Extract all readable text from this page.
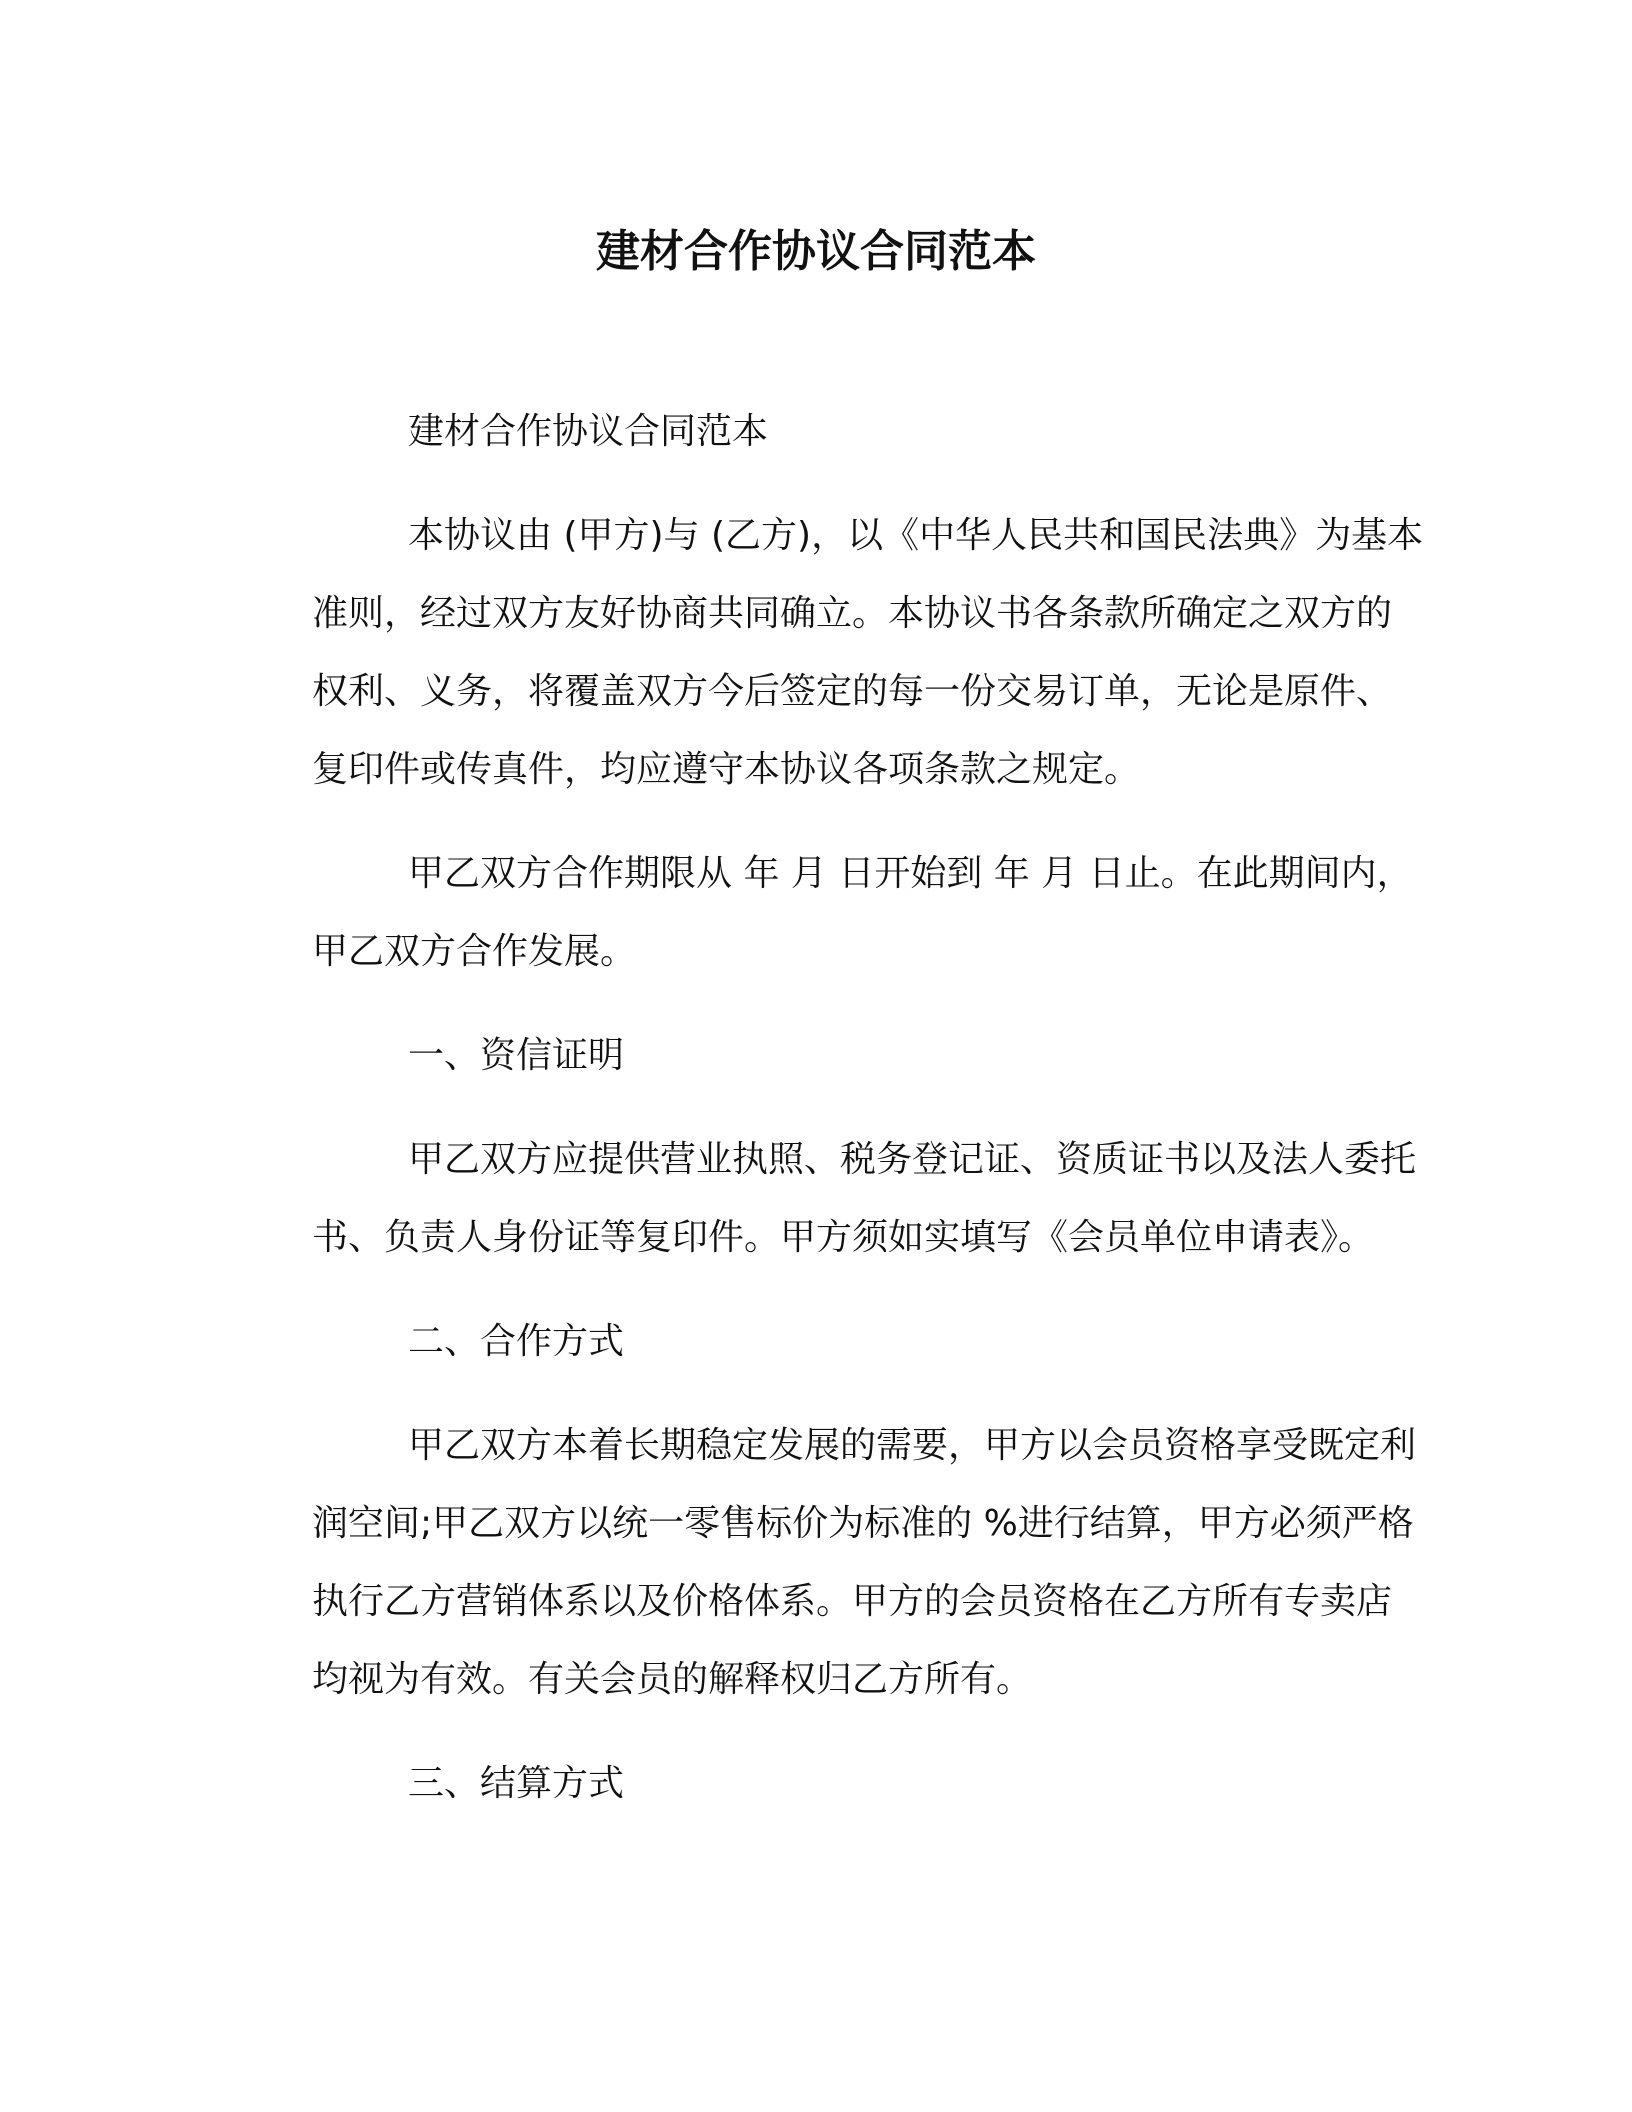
建材合作协议合同范本

建材合作协议合同范本

本协议由 (甲方)与 (乙方)，以《中华人民共和国民法典》为基本
准则，经过双方友好协商共同确立。本协议书各条款所确定之双方的
权利、义务，将覆盖双方今后签定的每一份交易订单，无论是原件、
复印件或传真件，均应遵守本协议各项条款之规定。

甲乙双方合作期限从 年 月 日开始到 年 月 日止。在此期间内，
甲乙双方合作发展。

一、资信证明

甲乙双方应提供营业执照、税务登记证、资质证书以及法人委托
书、负责人身份证等复印件。甲方须如实填写《会员单位申请表》。

二、合作方式

甲乙双方本着长期稳定发展的需要，甲方以会员资格享受既定利
润空间;甲乙双方以统一零售标价为标准的 %进行结算，甲方必须严格
执行乙方营销体系以及价格体系。甲方的会员资格在乙方所有专卖店
均视为有效。有关会员的解释权归乙方所有。

三、结算方式
